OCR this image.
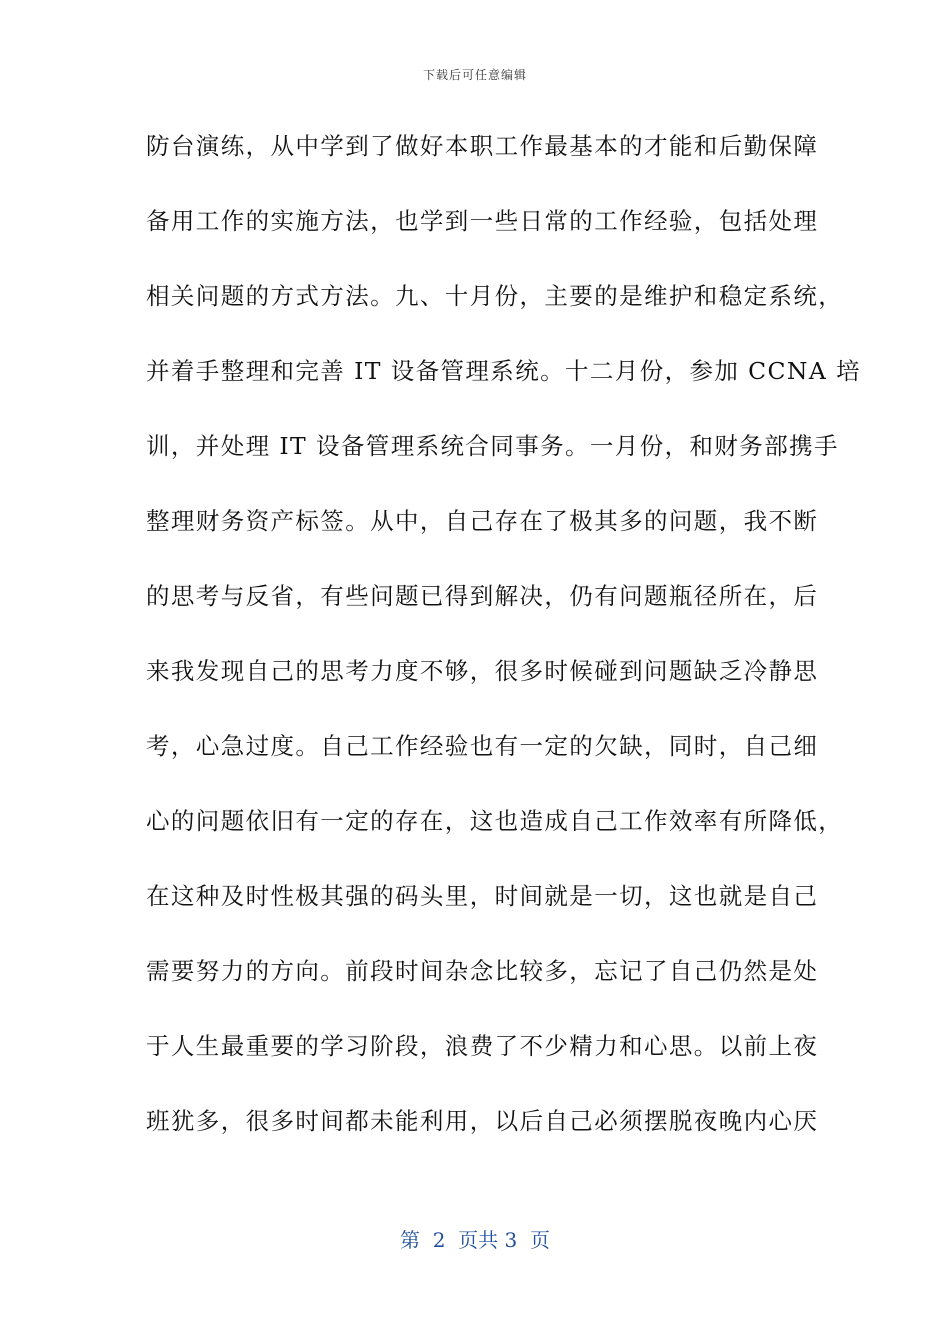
下载后可任意编辑
防台演练，从中学到了做好本职工作最基本的才能和后勤保障
备用工作的实施方法，也学到一些日常的工作经验，包括处理
相关问题的方式方法。九、十月份，主要的是维护和稳定系统，
并着手整理和完善 IT 设备管理系统。十二月份，参加 CCNA 培
训，并处理 IT 设备管理系统合同事务。一月份，和财务部携手
整理财务资产标签。从中，自己存在了极其多的问题，我不断
的思考与反省，有些问题已得到解决，仍有问题瓶径所在，后
来我发现自己的思考力度不够，很多时候碰到问题缺乏冷静思
考，心急过度。自己工作经验也有一定的欠缺，同时，自己细
心的问题依旧有一定的存在，这也造成自己工作效率有所降低，
在这种及时性极其强的码头里，时间就是一切，这也就是自己
需要努力的方向。前段时间杂念比较多，忘记了自己仍然是处
于人生最重要的学习阶段，浪费了不少精力和心思。以前上夜
班犹多，很多时间都未能利用，以后自己必须摆脱夜晚内心厌
第  2  页共 3  页
